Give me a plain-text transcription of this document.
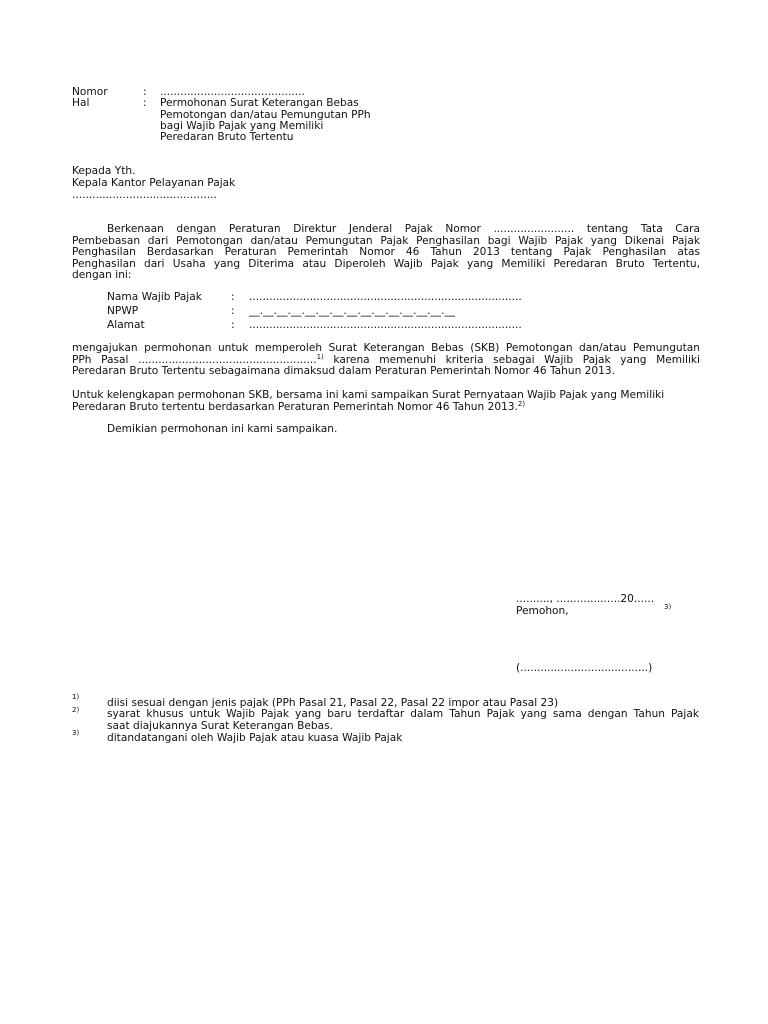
Nomor	: ...........................................
Hal	: Permohonan Surat Keterangan Bebas
Pemotongan dan/atau Pemungutan PPh
bagi Wajib Pajak yang Memiliki
Peredaran Bruto Tertentu
Kepada Yth.
Kepala Kantor Pelayanan Pajak
...........................................
Berkenaan dengan Peraturan Direktur Jenderal Pajak Nomor ........................ tentang Tata Cara
Pembebasan dari Pemotongan dan/atau Pemungutan Pajak Penghasilan bagi Wajib Pajak yang Dikenai Pajak
Penghasilan Berdasarkan Peraturan Pemerintah Nomor 46 Tahun 2013 tentang Pajak Penghasilan atas
Penghasilan dari Usaha yang Diterima atau Diperoleh Wajib Pajak yang Memiliki Peredaran Bruto Tertentu,
dengan ini:
Nama Wajib Pajak	: .................................................................................
NPWP	: __.__.__.__.__.__.__.__.__.__.__.__.__.__.__
Alamat	: .................................................................................
mengajukan permohonan untuk memperoleh Surat Keterangan Bebas (SKB) Pemotongan dan/atau Pemungutan
PPh Pasal .....................................................$^{1)}$ karena memenuhi kriteria sebagai Wajib Pajak yang Memiliki
Peredaran Bruto Tertentu sebagaimana dimaksud dalam Peraturan Pemerintah Nomor 46 Tahun 2013.
Untuk kelengkapan permohonan SKB, bersama ini kami sampaikan Surat Pernyataan Wajib Pajak yang Memiliki
Peredaran Bruto tertentu berdasarkan Peraturan Pemerintah Nomor 46 Tahun 2013.$^{2)}$
Demikian permohonan ini kami sampaikan.
.........., ...................20......
Pemohon,	3)
(......................................)
1)	diisi sesuai dengan jenis pajak (PPh Pasal 21, Pasal 22, Pasal 22 impor atau Pasal 23)
2)	syarat khusus untuk Wajib Pajak yang baru terdaftar dalam Tahun Pajak yang sama dengan Tahun Pajak
saat diajukannya Surat Keterangan Bebas.
3)	ditandatangani oleh Wajib Pajak atau kuasa Wajib Pajak
